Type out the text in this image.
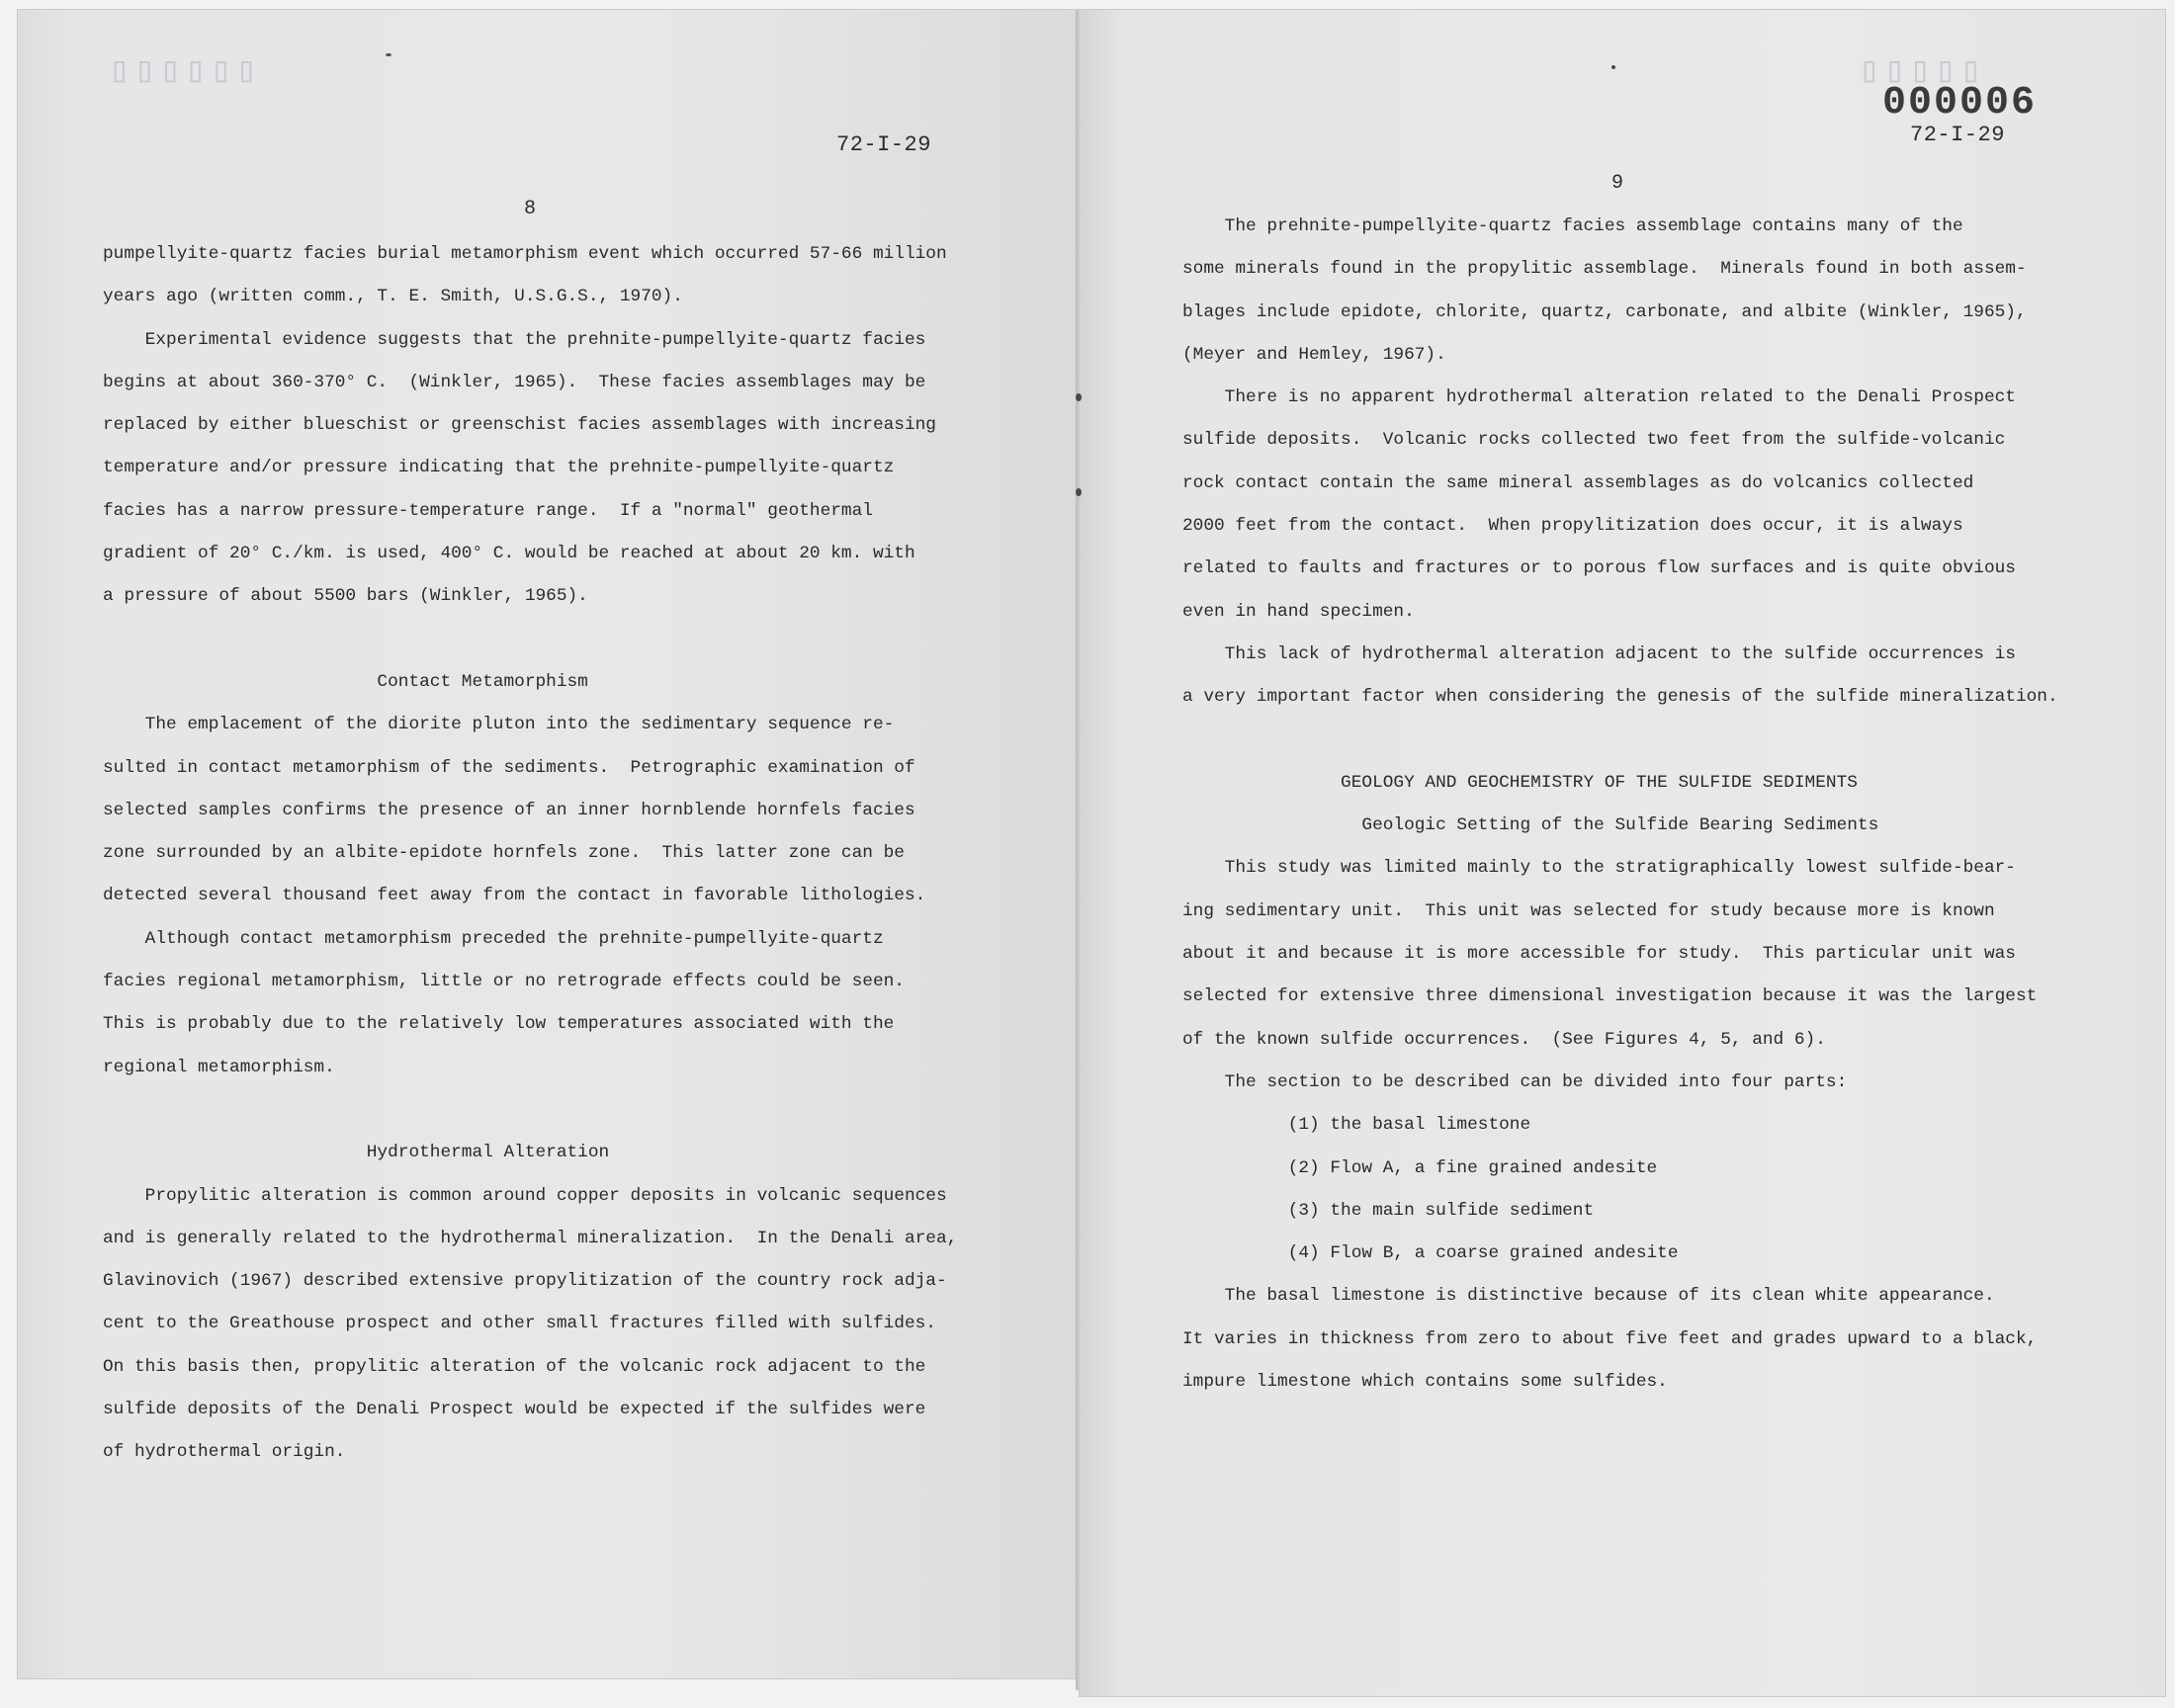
▯▯▯▯▯▯	▯▯▯▯▯
72-I-29
8
000006
72-I-29
9
pumpellyite-quartz facies burial metamorphism event which occurred 57-66 million
years ago (written comm., T. E. Smith, U.S.G.S., 1970).
Experimental evidence suggests that the prehnite-pumpellyite-quartz facies
begins at about 360-370° C.  (Winkler, 1965).  These facies assemblages may be
replaced by either blueschist or greenschist facies assemblages with increasing
temperature and/or pressure indicating that the prehnite-pumpellyite-quartz
facies has a narrow pressure-temperature range.  If a "normal" geothermal
gradient of 20° C./km. is used, 400° C. would be reached at about 20 km. with
a pressure of about 5500 bars (Winkler, 1965).

Contact Metamorphism
The emplacement of the diorite pluton into the sedimentary sequence re-
sulted in contact metamorphism of the sediments.  Petrographic examination of
selected samples confirms the presence of an inner hornblende hornfels facies
zone surrounded by an albite-epidote hornfels zone.  This latter zone can be
detected several thousand feet away from the contact in favorable lithologies.
Although contact metamorphism preceded the prehnite-pumpellyite-quartz
facies regional metamorphism, little or no retrograde effects could be seen.
This is probably due to the relatively low temperatures associated with the
regional metamorphism.

Hydrothermal Alteration
Propylitic alteration is common around copper deposits in volcanic sequences
and is generally related to the hydrothermal mineralization.  In the Denali area,
Glavinovich (1967) described extensive propylitization of the country rock adja-
cent to the Greathouse prospect and other small fractures filled with sulfides.
On this basis then, propylitic alteration of the volcanic rock adjacent to the
sulfide deposits of the Denali Prospect would be expected if the sulfides were
of hydrothermal origin.
The prehnite-pumpellyite-quartz facies assemblage contains many of the
some minerals found in the propylitic assemblage.  Minerals found in both assem-
blages include epidote, chlorite, quartz, carbonate, and albite (Winkler, 1965),
(Meyer and Hemley, 1967).
There is no apparent hydrothermal alteration related to the Denali Prospect
sulfide deposits.  Volcanic rocks collected two feet from the sulfide-volcanic
rock contact contain the same mineral assemblages as do volcanics collected
2000 feet from the contact.  When propylitization does occur, it is always
related to faults and fractures or to porous flow surfaces and is quite obvious
even in hand specimen.
This lack of hydrothermal alteration adjacent to the sulfide occurrences is
a very important factor when considering the genesis of the sulfide mineralization.

GEOLOGY AND GEOCHEMISTRY OF THE SULFIDE SEDIMENTS
Geologic Setting of the Sulfide Bearing Sediments
This study was limited mainly to the stratigraphically lowest sulfide-bear-
ing sedimentary unit.  This unit was selected for study because more is known
about it and because it is more accessible for study.  This particular unit was
selected for extensive three dimensional investigation because it was the largest
of the known sulfide occurrences.  (See Figures 4, 5, and 6).
The section to be described can be divided into four parts:
(1) the basal limestone
(2) Flow A, a fine grained andesite
(3) the main sulfide sediment
(4) Flow B, a coarse grained andesite
The basal limestone is distinctive because of its clean white appearance.
It varies in thickness from zero to about five feet and grades upward to a black,
impure limestone which contains some sulfides.
